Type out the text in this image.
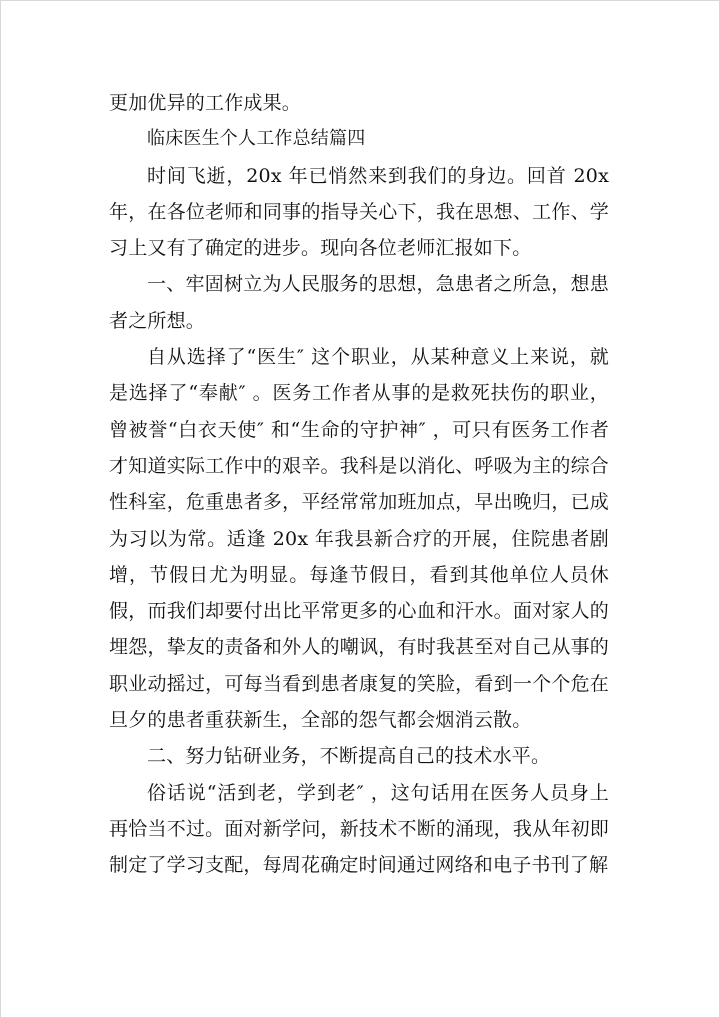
更加优异的工作成果。

临床医生个人工作总结篇四

时间飞逝，20x 年已悄然来到我们的身边。回首 20x 年，在各位老师和同事的指导关心下，我在思想、工作、学习上又有了确定的进步。现向各位老师汇报如下。

一、牢固树立为人民服务的思想，急患者之所急，想患者之所想。

自从选择了“医生″ 这个职业，从某种意义上来说，就是选择了“奉献″ 。医务工作者从事的是救死扶伤的职业，曾被誉“白衣天使″ 和“生命的守护神″ ，可只有医务工作者才知道实际工作中的艰辛。我科是以消化、呼吸为主的综合性科室，危重患者多，平经常常加班加点，早出晚归，已成为习以为常。适逢 20x 年我县新合疗的开展，住院患者剧增，节假日尤为明显。每逢节假日，看到其他单位人员休假，而我们却要付出比平常更多的心血和汗水。面对家人的埋怨，挚友的责备和外人的嘲讽，有时我甚至对自己从事的职业动摇过，可每当看到患者康复的笑脸，看到一个个危在旦夕的患者重获新生，全部的怨气都会烟消云散。

二、努力钻研业务，不断提高自己的技术水平。

俗话说“活到老，学到老″ ，这句话用在医务人员身上再恰当不过。面对新学问，新技术不断的涌现，我从年初即制定了学习支配，每周花确定时间通过网络和电子书刊了解
